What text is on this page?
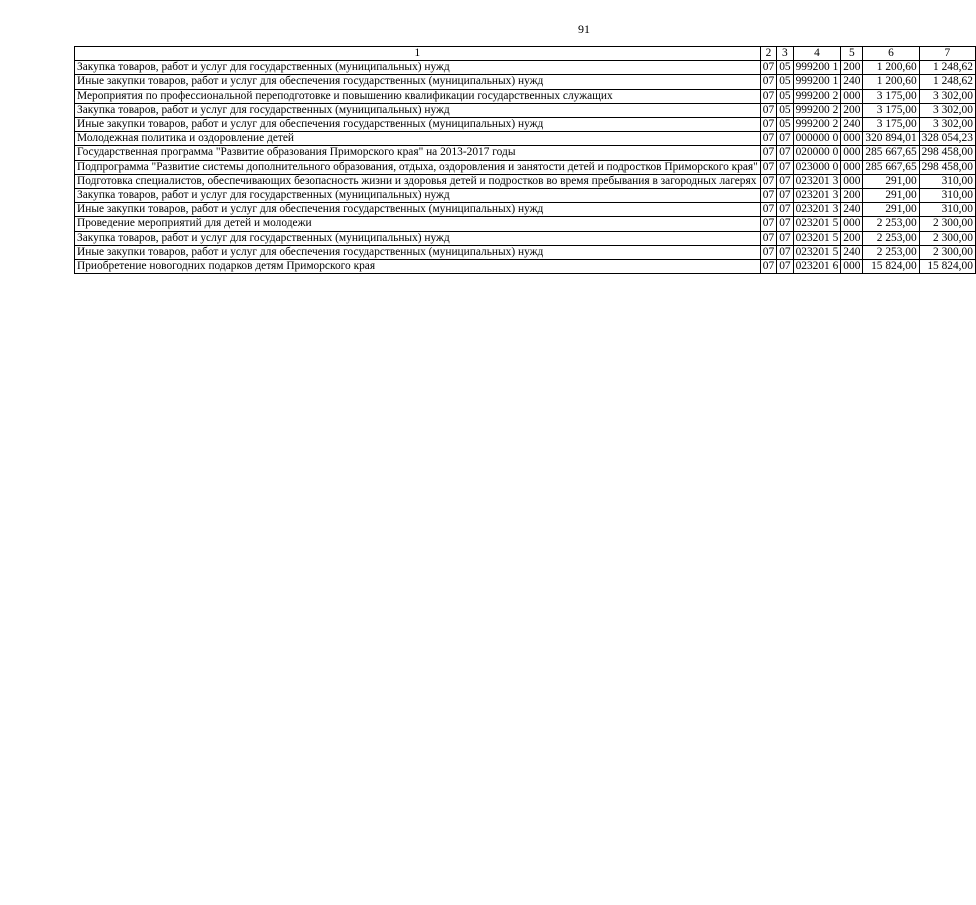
91
1	2	3	4	5	6	7
Закупка товаров, работ и услуг для государственных (муниципальных) нужд	07	05	999200 1	200	1 200,60	1 248,62
Иные закупки товаров, работ и услуг для обеспечения государственных (муниципальных) нужд	07	05	999200 1	240	1 200,60	1 248,62
Мероприятия по профессиональной переподготовке и повышению квалификации государственных служащих	07	05	999200 2	000	3 175,00	3 302,00
Закупка товаров, работ и услуг для государственных (муниципальных) нужд	07	05	999200 2	200	3 175,00	3 302,00
Иные закупки товаров, работ и услуг для обеспечения государственных (муниципальных) нужд	07	05	999200 2	240	3 175,00	3 302,00
Молодежная политика и оздоровление детей	07	07	000000 0	000	320 894,01	328 054,23
Государственная программа "Развитие образования Приморского края" на 2013-2017 годы	07	07	020000 0	000	285 667,65	298 458,00
Подпрограмма "Развитие системы дополнительного образования, отдыха, оздоровления и занятости детей и подростков Приморского края"	07	07	023000 0	000	285 667,65	298 458,00
Подготовка специалистов, обеспечивающих безопасность жизни и здоровья детей и подростков во время пребывания в загородных лагерях	07	07	023201 3	000	291,00	310,00
Закупка товаров, работ и услуг для государственных (муниципальных) нужд	07	07	023201 3	200	291,00	310,00
Иные закупки товаров, работ и услуг для обеспечения государственных (муниципальных) нужд	07	07	023201 3	240	291,00	310,00
Проведение мероприятий для детей и молодежи	07	07	023201 5	000	2 253,00	2 300,00
Закупка товаров, работ и услуг для государственных (муниципальных) нужд	07	07	023201 5	200	2 253,00	2 300,00
Иные закупки товаров, работ и услуг для обеспечения государственных (муниципальных) нужд	07	07	023201 5	240	2 253,00	2 300,00
Приобретение новогодних подарков детям Приморского края	07	07	023201 6	000	15 824,00	15 824,00
